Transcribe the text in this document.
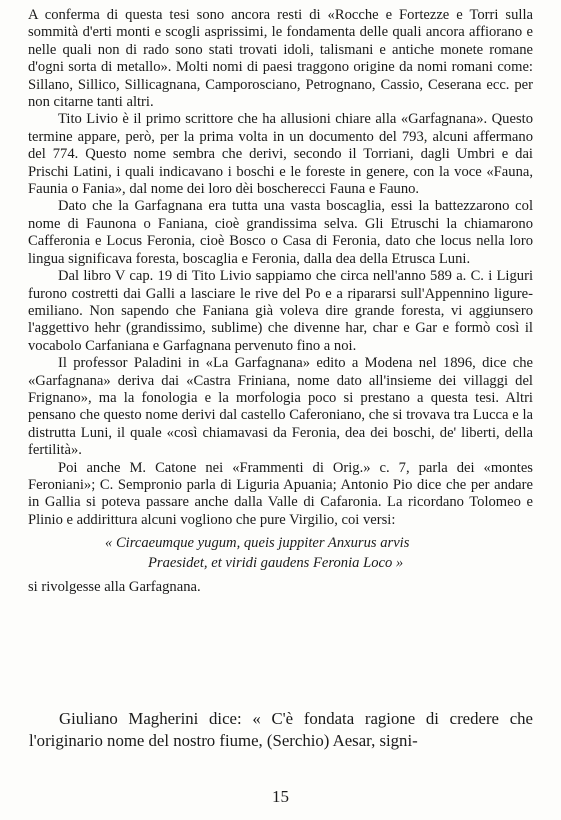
A conferma di questa tesi sono ancora resti di «Rocche e Fortezze e Torri sulla sommità d'erti monti e scogli asprissimi, le fondamenta delle quali ancora affiorano e nelle quali non di rado sono stati trovati idoli, talismani e antiche monete romane d'ogni sorta di metallo». Molti nomi di paesi traggono origine da nomi romani come: Sillano, Sillico, Sillicagnana, Camporosciano, Petrognano, Cassio, Ceserana ecc. per non citarne tanti altri.

Tito Livio è il primo scrittore che ha allusioni chiare alla «Garfagnana». Questo termine appare, però, per la prima volta in un documento del 793, alcuni affermano del 774. Questo nome sembra che derivi, secondo il Torriani, dagli Umbri e dai Prischi Latini, i quali indicavano i boschi e le foreste in genere, con la voce «Fauna, Faunia o Fania», dal nome dei loro dèi boscherecci Fauna e Fauno.

Dato che la Garfagnana era tutta una vasta boscaglia, essi la battezzarono col nome di Faunona o Faniana, cioè grandissima selva. Gli Etruschi la chiamarono Cafferonia e Locus Feronia, cioè Bosco o Casa di Feronia, dato che locus nella loro lingua significava foresta, boscaglia e Feronia, dalla dea della Etrusca Luni.

Dal libro V cap. 19 di Tito Livio sappiamo che circa nell'anno 589 a. C. i Liguri furono costretti dai Galli a lasciare le rive del Po e a ripararsi sull'Appennino ligure-emiliano. Non sapendo che Faniana già voleva dire grande foresta, vi aggiunsero l'aggettivo hehr (grandissimo, sublime) che divenne har, char e Gar e formò così il vocabolo Carfaniana e Garfagnana pervenuto fino a noi.

Il professor Paladini in «La Garfagnana» edito a Modena nel 1896, dice che «Garfagnana» deriva dai «Castra Friniana, nome dato all'insieme dei villaggi del Frignano», ma la fonologia e la morfologia poco si prestano a questa tesi. Altri pensano che questo nome derivi dal castello Caferoniano, che si trovava tra Lucca e la distrutta Luni, il quale «così chiamavasi da Feronia, dea dei boschi, de' liberti, della fertilità».

Poi anche M. Catone nei «Frammenti di Orig.» c. 7, parla dei «montes Feroniani»; C. Sempronio parla di Liguria Apuania; Antonio Pio dice che per andare in Gallia si poteva passare anche dalla Valle di Cafaronia. La ricordano Tolomeo e Plinio e addirittura alcuni vogliono che pure Virgilio, coi versi:

« Circaeumque yugum, queis juppiter Anxurus arvis

Praesidet, et viridi gaudens Feronia Loco »

si rivolgesse alla Garfagnana.

Giuliano Magherini dice: « C'è fondata ragione di credere che l'originario nome del nostro fiume, (Serchio) Aesar, signi-

15
